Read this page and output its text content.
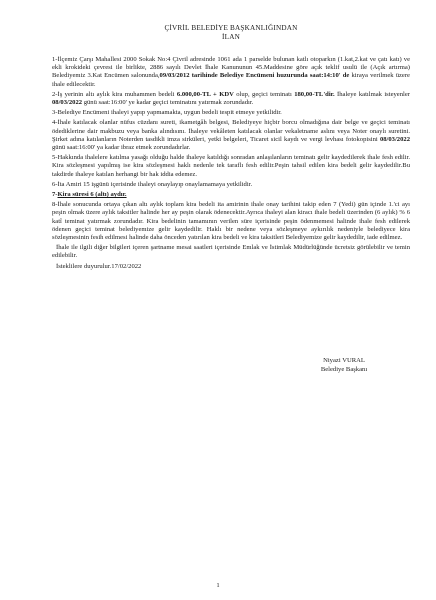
ÇİVRİL BELEDİYE BAŞKANLIĞINDAN

İLAN

1-İlçemiz Çarşı Mahallesi 2000 Sokak No:4 Çivril adresinde 1061 ada 1 parselde bulunan katlı otoparkın (1.kat,2.kat ve çatı katı) ve ekli krokideki çevresi ile birlikte, 2886 sayılı Devlet İhale Kanununun 45.Maddesine göre açık teklif usulü ile (Açık artırma) Belediyemiz 3.Kat Encümen salonunda,09/03/2012 tarihinde Belediye Encümeni huzurunda saat:14:10' de kiraya verilmek üzere ihale edilecektir.

2-İş yerinin altı aylık kira muhammen bedeli 6.000,00-TL + KDV olup, geçici teminatı 180,00-TL'dir. İhaleye katılmak isteyenler 08/03/2022 günü saat:16:00' ye kadar geçici teminatını yatırmak zorundadır.

3-Belediye Encümeni ihaleyi yapıp yapmamakta, uygun bedeli tespit etmeye yetkilidir.

4-İhale katılacak olanlar nüfus cüzdanı sureti, ikametgâh belgesi, Belediyeye hiçbir borcu olmadığına dair belge ve geçici teminatı ödediklerine dair makbuzu veya banka alındısını. İhaleye vekâleten katılacak olanlar vekaletname aslını veya Noter onaylı suretini. Şirket adına katılanların Noterden tasdikli imza sirküleri, yetki belgeleri, Ticaret sicil kaydı ve vergi levhası fotokopisini 08/03/2022 günü saat:16:00' ya kadar ibraz etmek zorundadırlar.

5-Hakkında ihalelere katılma yasağı olduğu halde ihaleye katıldığı sonradan anlaşılanların teminatı gelir kaydedilerek ihale fesh edilir. Kira sözleşmesi yapılmış ise kira sözleşmesi haklı nedenle tek taraflı fesh edilir.Peşin tahsil edilen kira bedeli gelir kaydedilir.Bu takdirde ihaleye katılan herhangi bir hak iddia edemez.

6-İta Amiri 15 işgünü içerisinde ihaleyi onaylayıp onaylamamaya yetkilidir.

7-Kira süresi 6 (altı) aydır.

8-İhale sonucunda ortaya çıkan altı aylık toplam kira bedeli ita amirinin ihale onay tarihini takip eden 7 (Yedi) gün içinde 1.'ci ayı peşin olmak üzere aylık taksitler halinde her ay peşin olarak ödenecektir.Ayrıca ihaleyi alan kiracı ihale bedeli üzerinden (6 aylık) % 6 katî teminat yatırmak zorundadır. Kira bedelinin tamamının verilen süre içerisinde peşin ödenmemesi halinde ihale fesh edilerek ödenen geçici teminat belediyemize gelir kaydedilir. Haklı bir nedene veya sözleşmeye aykırılık nedeniyle belediyece kira sözleşmesinin fesih edilmesi halinde daha önceden yatırılan kira bedeli ve kira taksitleri Belediyemize gelir kaydedilir, iade edilmez.

İhale ile ilgili diğer bilgileri içeren şartname mesai saatleri içerisinde Emlak ve İstimlak Müdürlüğünde ücretsiz görülebilir ve temin edilebilir.

İsteklilere duyurulur.17/02/2022

Niyazi VURAL
Belediye Başkanı
1
